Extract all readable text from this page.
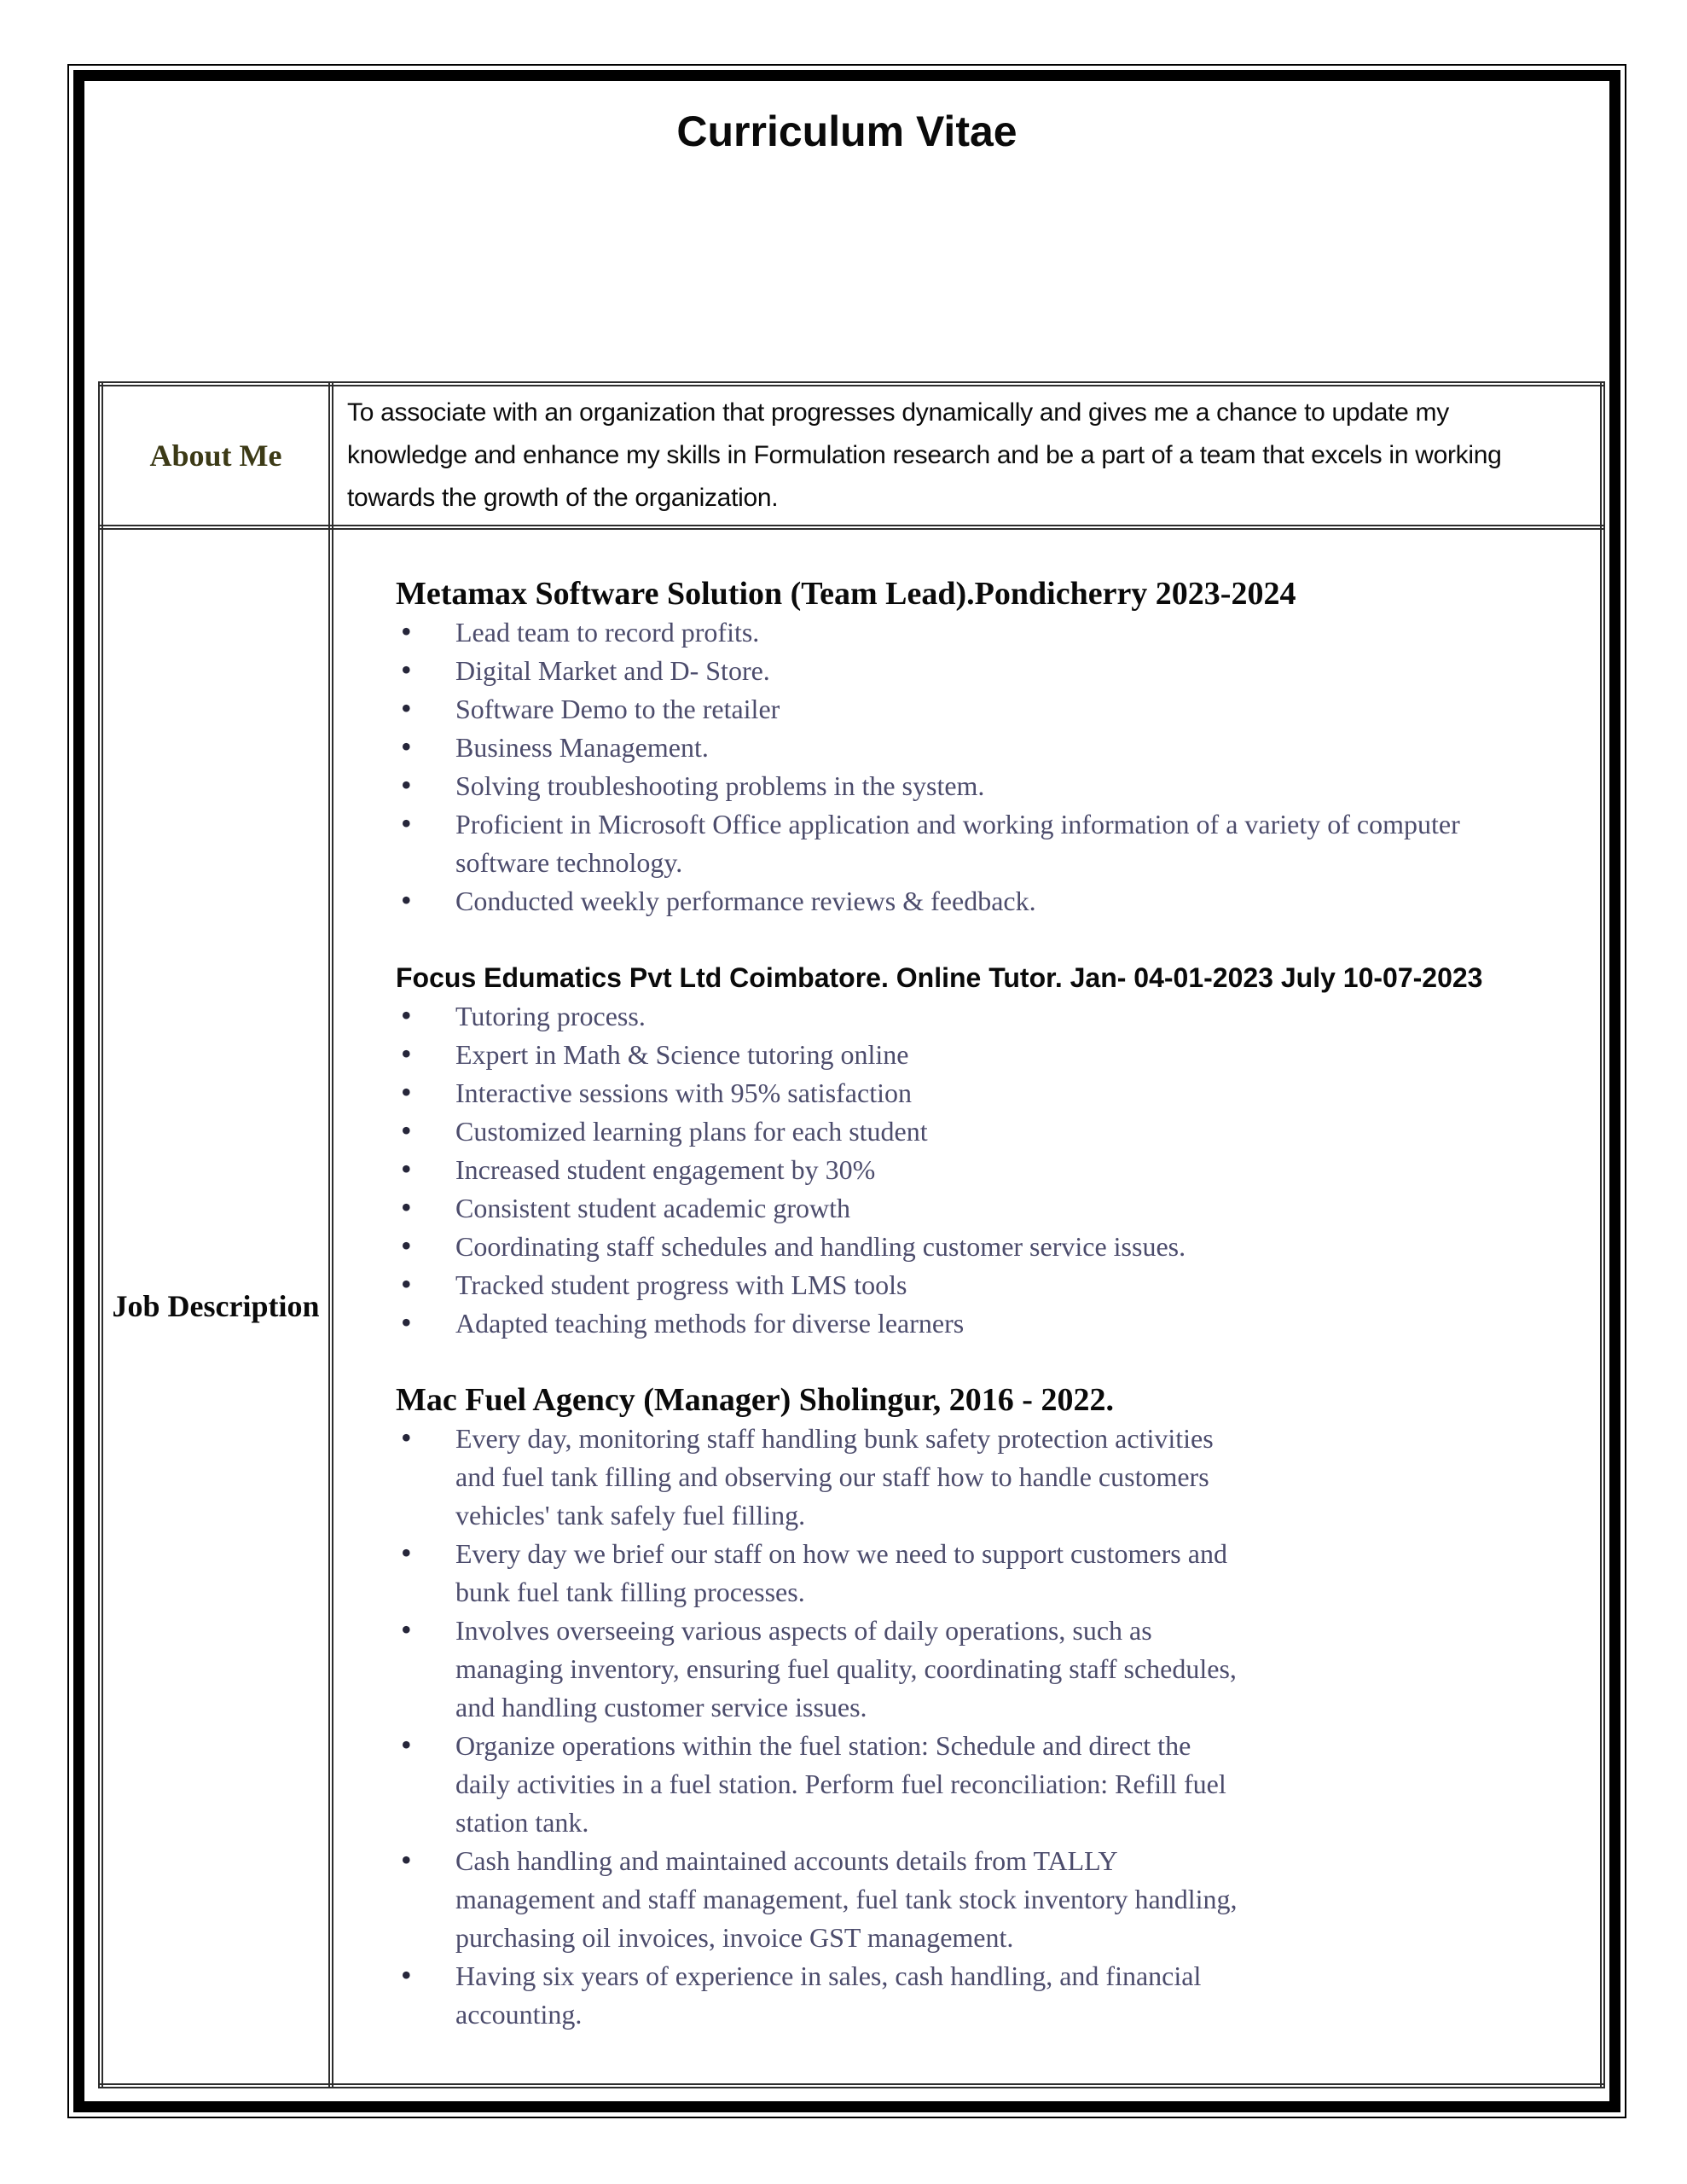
Curriculum Vitae
About Me	To associate with an organization that progresses dynamically and gives me a chance to update my knowledge and enhance my skills in Formulation research and be a part of a team that excels in working towards the growth of the organization.

Job Description	
Metamax Software Solution (Team Lead).Pondicherry 2023-2024
• Lead team to record profits.
• Digital Market and D- Store.
• Software Demo to the retailer
• Business Management.
• Solving troubleshooting problems in the system.
• Proficient in Microsoft Office application and working information of a variety of computer software technology.
• Conducted weekly performance reviews & feedback.
Focus Edumatics Pvt Ltd Coimbatore. Online Tutor. Jan- 04-01-2023 July 10-07-2023
• Tutoring process.
• Expert in Math & Science tutoring online
• Interactive sessions with 95% satisfaction
• Customized learning plans for each student
• Increased student engagement by 30%
• Consistent student academic growth
• Coordinating staff schedules and handling customer service issues.
• Tracked student progress with LMS tools
• Adapted teaching methods for diverse learners
Mac Fuel Agency (Manager) Sholingur, 2016 - 2022.
• Every day, monitoring staff handling bunk safety protection activities and fuel tank filling and observing our staff how to handle customers vehicles' tank safely fuel filling.
• Every day we brief our staff on how we need to support customers and bunk fuel tank filling processes.
• Involves overseeing various aspects of daily operations, such as managing inventory, ensuring fuel quality, coordinating staff schedules, and handling customer service issues.
• Organize operations within the fuel station: Schedule and direct the daily activities in a fuel station. Perform fuel reconciliation: Refill fuel station tank.
• Cash handling and maintained accounts details from TALLY management and staff management, fuel tank stock inventory handling, purchasing oil invoices, invoice GST management.
• Having six years of experience in sales, cash handling, and financial accounting.
